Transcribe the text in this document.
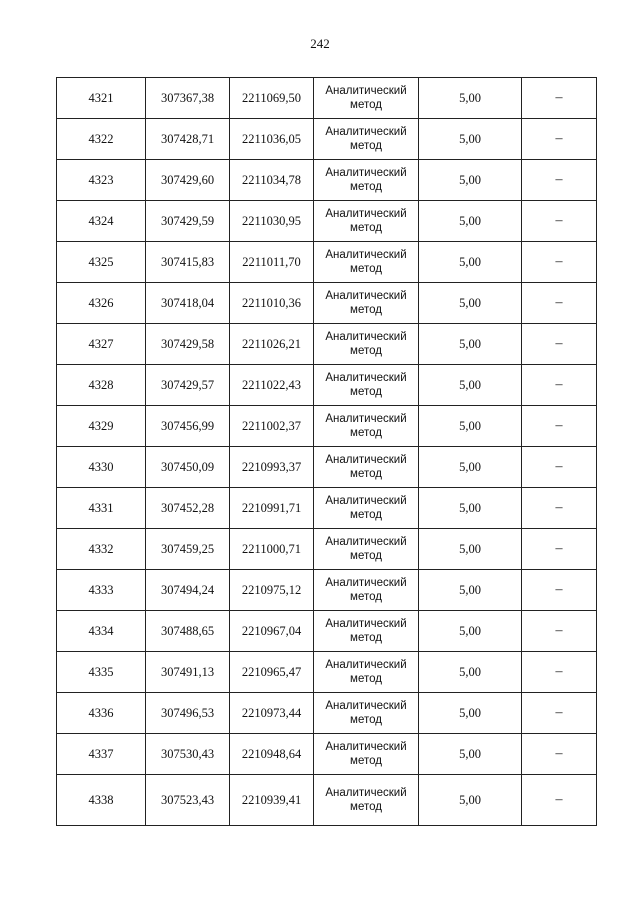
242
4321	307367,38	2211069,50	Аналитический
метод	5,00	–
4322	307428,71	2211036,05	Аналитический
метод	5,00	–
4323	307429,60	2211034,78	Аналитический
метод	5,00	–
4324	307429,59	2211030,95	Аналитический
метод	5,00	–
4325	307415,83	2211011,70	Аналитический
метод	5,00	–
4326	307418,04	2211010,36	Аналитический
метод	5,00	–
4327	307429,58	2211026,21	Аналитический
метод	5,00	–
4328	307429,57	2211022,43	Аналитический
метод	5,00	–
4329	307456,99	2211002,37	Аналитический
метод	5,00	–
4330	307450,09	2210993,37	Аналитический
метод	5,00	–
4331	307452,28	2210991,71	Аналитический
метод	5,00	–
4332	307459,25	2211000,71	Аналитический
метод	5,00	–
4333	307494,24	2210975,12	Аналитический
метод	5,00	–
4334	307488,65	2210967,04	Аналитический
метод	5,00	–
4335	307491,13	2210965,47	Аналитический
метод	5,00	–
4336	307496,53	2210973,44	Аналитический
метод	5,00	–
4337	307530,43	2210948,64	Аналитический
метод	5,00	–
4338	307523,43	2210939,41	Аналитический
метод	5,00	–
